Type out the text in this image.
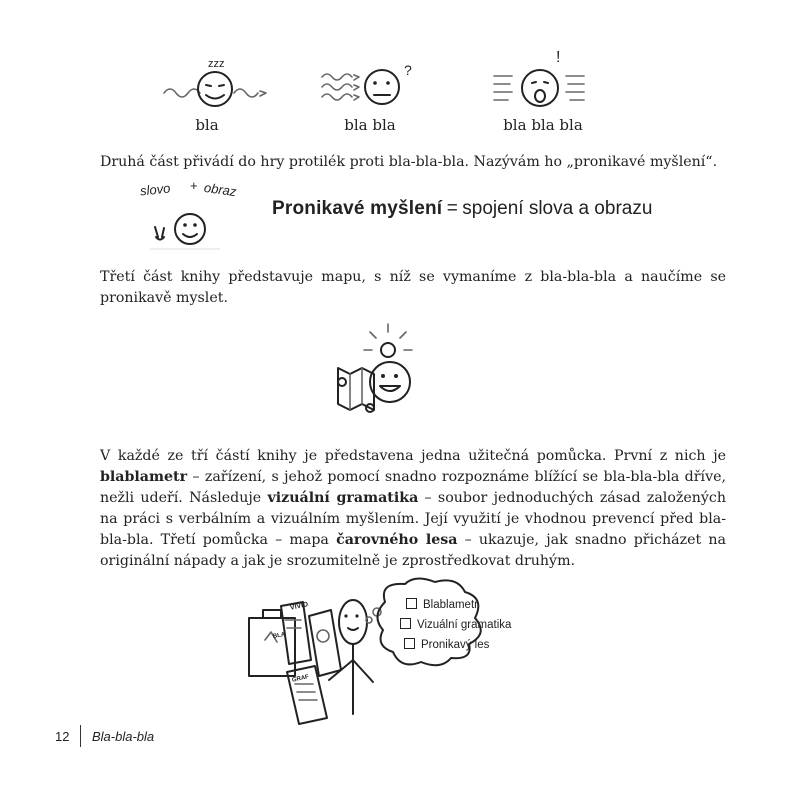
zzz
bla
?
bla bla
!
bla bla bla
Druhá část přivádí do hry protilék proti bla-bla-bla. Nazývám ho „pronikavé myšlení“.
slovo + obraz
Pronikavé myšlení = spojení slova a obrazu
Třetí část knihy představuje mapu, s níž se vymaníme z bla-bla-bla a naučíme se pronikavě myslet.
V každé ze tří částí knihy je představena jedna užitečná pomůcka. První z nich je blablametr – zařízení, s jehož pomocí snadno rozpoznáme blížící se bla-bla-bla dříve, nežli udeří. Následuje vizuální gramatika – soubor jednoduchých zásad založených na práci s verbálním a vizuálním myšlením. Její využití je vhodnou prevencí před bla-bla-bla. Třetí pomůcka – mapa čarovného lesa – ukazuje, jak snadno přicházet na originální nápady a jak je srozumitelně je zprostředkovat druhým.
Blablametr
Vizuální gramatika
Pronikavý les
VIVID
BLA
GRAF
12 Bla-bla-bla
